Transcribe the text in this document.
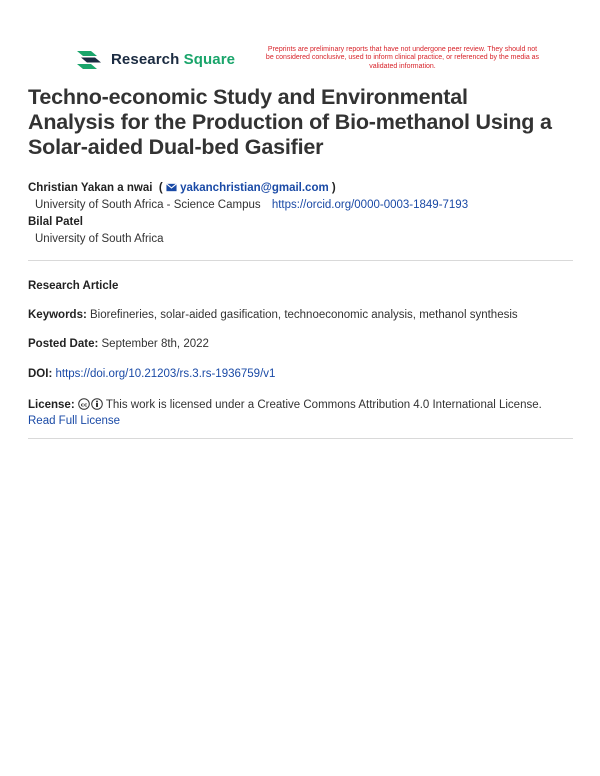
Research Square
Preprints are preliminary reports that have not undergone peer review. They should not be considered conclusive, used to inform clinical practice, or referenced by the media as validated information.
Techno-economic Study and Environmental
Analysis for the Production of Bio-methanol Using a
Solar-aided Dual-bed Gasifier
Christian Yakan a nwai  (  yakanchristian@gmail.com )
University of South Africa - Science Campus https://orcid.org/0000-0003-1849-7193
Bilal Patel
University of South Africa
Research Article
Keywords: Biorefineries, solar-aided gasification, technoeconomic analysis, methanol synthesis
Posted Date: September 8th, 2022
DOI: https://doi.org/10.21203/rs.3.rs-1936759/v1
License: cc This work is licensed under a Creative Commons Attribution 4.0 International License.
Read Full License
